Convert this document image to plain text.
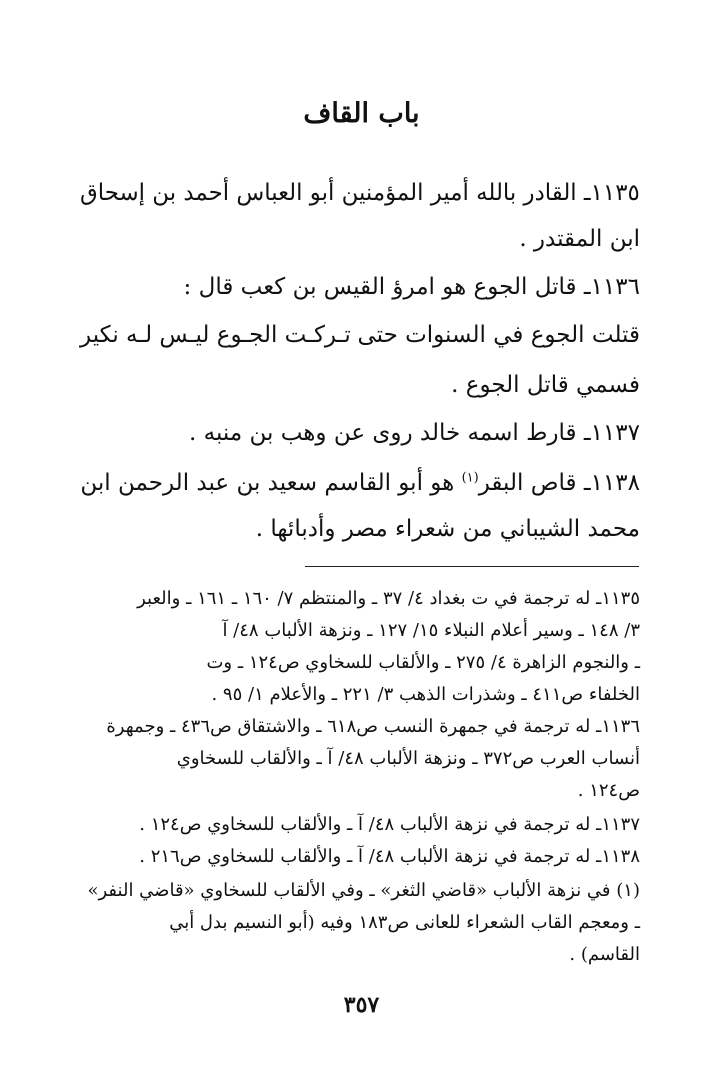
باب القاف
١١٣٥ـ القادر بالله أمير المؤمنين أبو العباس أحمد بن إسحاق
ابن المقتدر .
١١٣٦ـ قاتل الجوع هو امرؤ القيس بن كعب قال :
قتلت الجوع في السنوات حتى
تـركـت الجـوع ليـس لـه نكير
فسمي قاتل الجوع .
١١٣٧ـ قارط اسمه خالد روى عن وهب بن منبه .
١١٣٨ـ قاص البقر$^{(١)}$ هو أبو القاسم سعيد بن عبد الرحمن ابن
محمد الشيباني من شعراء مصر وأدبائها .
١١٣٥ـ له ترجمة في ت بغداد ٤/ ٣٧ ـ والمنتظم ٧/ ١٦٠ ـ ١٦١ ـ والعبر
٣/ ١٤٨ ـ وسير أعلام النبلاء ١٥/ ١٢٧ ـ ونزهة الألباب ٤٨/ آ
ـ والنجوم الزاهرة ٤/ ٢٧٥ ـ والألقاب للسخاوي ص١٢٤ ـ وت
الخلفاء ص٤١١ ـ وشذرات الذهب ٣/ ٢٢١ ـ والأعلام ١/ ٩٥ .
١١٣٦ـ له ترجمة في جمهرة النسب ص٦١٨ ـ والاشتقاق ص٤٣٦ ـ وجمهرة
أنساب العرب ص٣٧٢ ـ ونزهة الألباب ٤٨/ آ ـ والألقاب للسخاوي
ص١٢٤ .
١١٣٧ـ له ترجمة في نزهة الألباب ٤٨/ آ ـ والألقاب للسخاوي ص١٢٤ .
١١٣٨ـ له ترجمة في نزهة الألباب ٤٨/ آ ـ والألقاب للسخاوي ص٢١٦ .
(١) في نزهة الألباب «قاضي الثغر» ـ وفي الألقاب للسخاوي «قاضي النفر»
ـ ومعجم القاب الشعراء للعانى ص١٨٣ وفيه (أبو النسيم بدل أبي
القاسم) .
٣٥٧
